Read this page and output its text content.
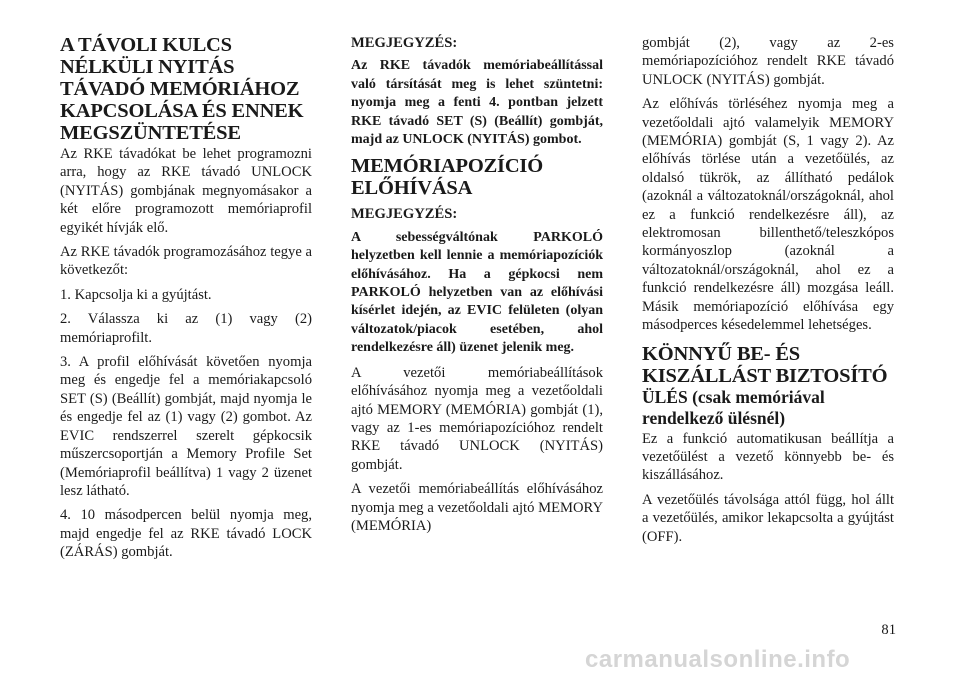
A TÁVOLI KULCS NÉLKÜLI NYITÁS TÁVADÓ MEMÓRIÁHOZ KAPCSOLÁSA ÉS ENNEK MEGSZÜNTETÉSE
Az RKE távadókat be lehet programozni arra, hogy az RKE távadó UNLOCK (NYITÁS) gombjának megnyomásakor a két előre programozott memóriaprofil egyikét hívják elő.
Az RKE távadók programozásához tegye a következőt:
1. Kapcsolja ki a gyújtást.
2. Válassza ki az (1) vagy (2) memóriaprofilt.
3. A profil előhívását követően nyomja meg és engedje fel a memóriakapcsoló SET (S) (Beállít) gombját, majd nyomja le és engedje fel az (1) vagy (2) gombot. Az EVIC rendszerrel szerelt gépkocsik műszercsoportján a Memory Profile Set (Memóriaprofil beállítva) 1 vagy 2 üzenet lesz látható.
4. 10 másodpercen belül nyomja meg, majd engedje fel az RKE távadó LOCK (ZÁRÁS) gombját.
MEGJEGYZÉS:
Az RKE távadók memóriabeállítással való társítását meg is lehet szüntetni: nyomja meg a fenti 4. pontban jelzett RKE távadó SET (S) (Beállít) gombját, majd az UNLOCK (NYITÁS) gombot.
MEMÓRIAPOZÍCIÓ ELŐHÍVÁSA
MEGJEGYZÉS:
A sebességváltónak PARKOLÓ helyzetben kell lennie a memóriapozíciók előhívásához. Ha a gépkocsi nem PARKOLÓ helyzetben van az előhívási kísérlet idején, az EVIC felületen (olyan változatok/piacok esetében, ahol rendelkezésre áll) üzenet jelenik meg.
A vezetői memóriabeállítások előhívásához nyomja meg a vezetőoldali ajtó MEMORY (MEMÓRIA) gombját (1), vagy az 1-es memóriapozícióhoz rendelt RKE távadó UNLOCK (NYITÁS) gombját.
A vezetői memóriabeállítás előhívásához nyomja meg a vezetőoldali ajtó MEMORY (MEMÓRIA)
gombját (2), vagy az 2-es memóriapozícióhoz rendelt RKE távadó UNLOCK (NYITÁS) gombját.
Az előhívás törléséhez nyomja meg a vezetőoldali ajtó valamelyik MEMORY (MEMÓRIA) gombját (S, 1 vagy 2). Az előhívás törlése után a vezetőülés, az oldalsó tükrök, az állítható pedálok (azoknál a változatoknál/országoknál, ahol ez a funkció rendelkezésre áll), az elektromosan billenthető/teleszkópos kormányoszlop (azoknál a változatoknál/országoknál, ahol ez a funkció rendelkezésre áll) mozgása leáll. Másik memóriapozíció előhívása egy másodperces késedelemmel lehetséges.
KÖNNYŰ BE- ÉS KISZÁLLÁST BIZTOSÍTÓ
ÜLÉS (csak memóriával rendelkező ülésnél)
Ez a funkció automatikusan beállítja a vezetőülést a vezető könnyebb be- és kiszállásához.
A vezetőülés távolsága attól függ, hol állt a vezetőülés, amikor lekapcsolta a gyújtást (OFF).
81
carmanualsonline.info
